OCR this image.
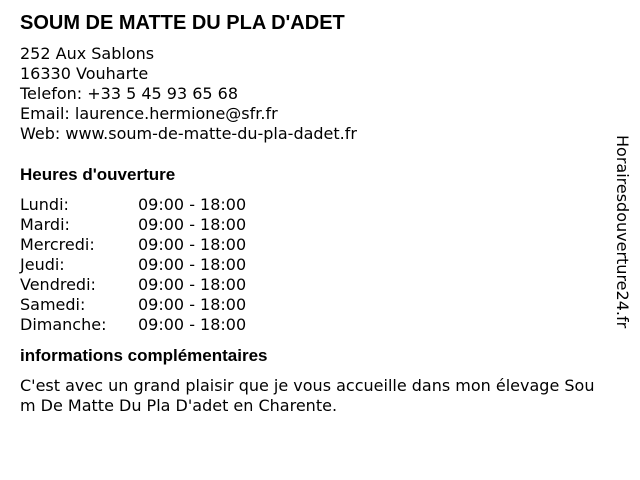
SOUM DE MATTE DU PLA D'ADET
252 Aux Sablons
16330 Vouharte
Telefon: +33 5 45 93 65 68
Email: laurence.hermione@sfr.fr
Web: www.soum-de-matte-du-pla-dadet.fr
Heures d'ouverture
Lundi:	09:00 - 18:00
Mardi:	09:00 - 18:00
Mercredi:	09:00 - 18:00
Jeudi:	09:00 - 18:00
Vendredi:	09:00 - 18:00
Samedi:	09:00 - 18:00
Dimanche:	09:00 - 18:00
informations complémentaires
C'est avec un grand plaisir que je vous accueille dans mon élevage Soum De Matte Du Pla D'adet en Charente.
Horairesdouverture24.fr
